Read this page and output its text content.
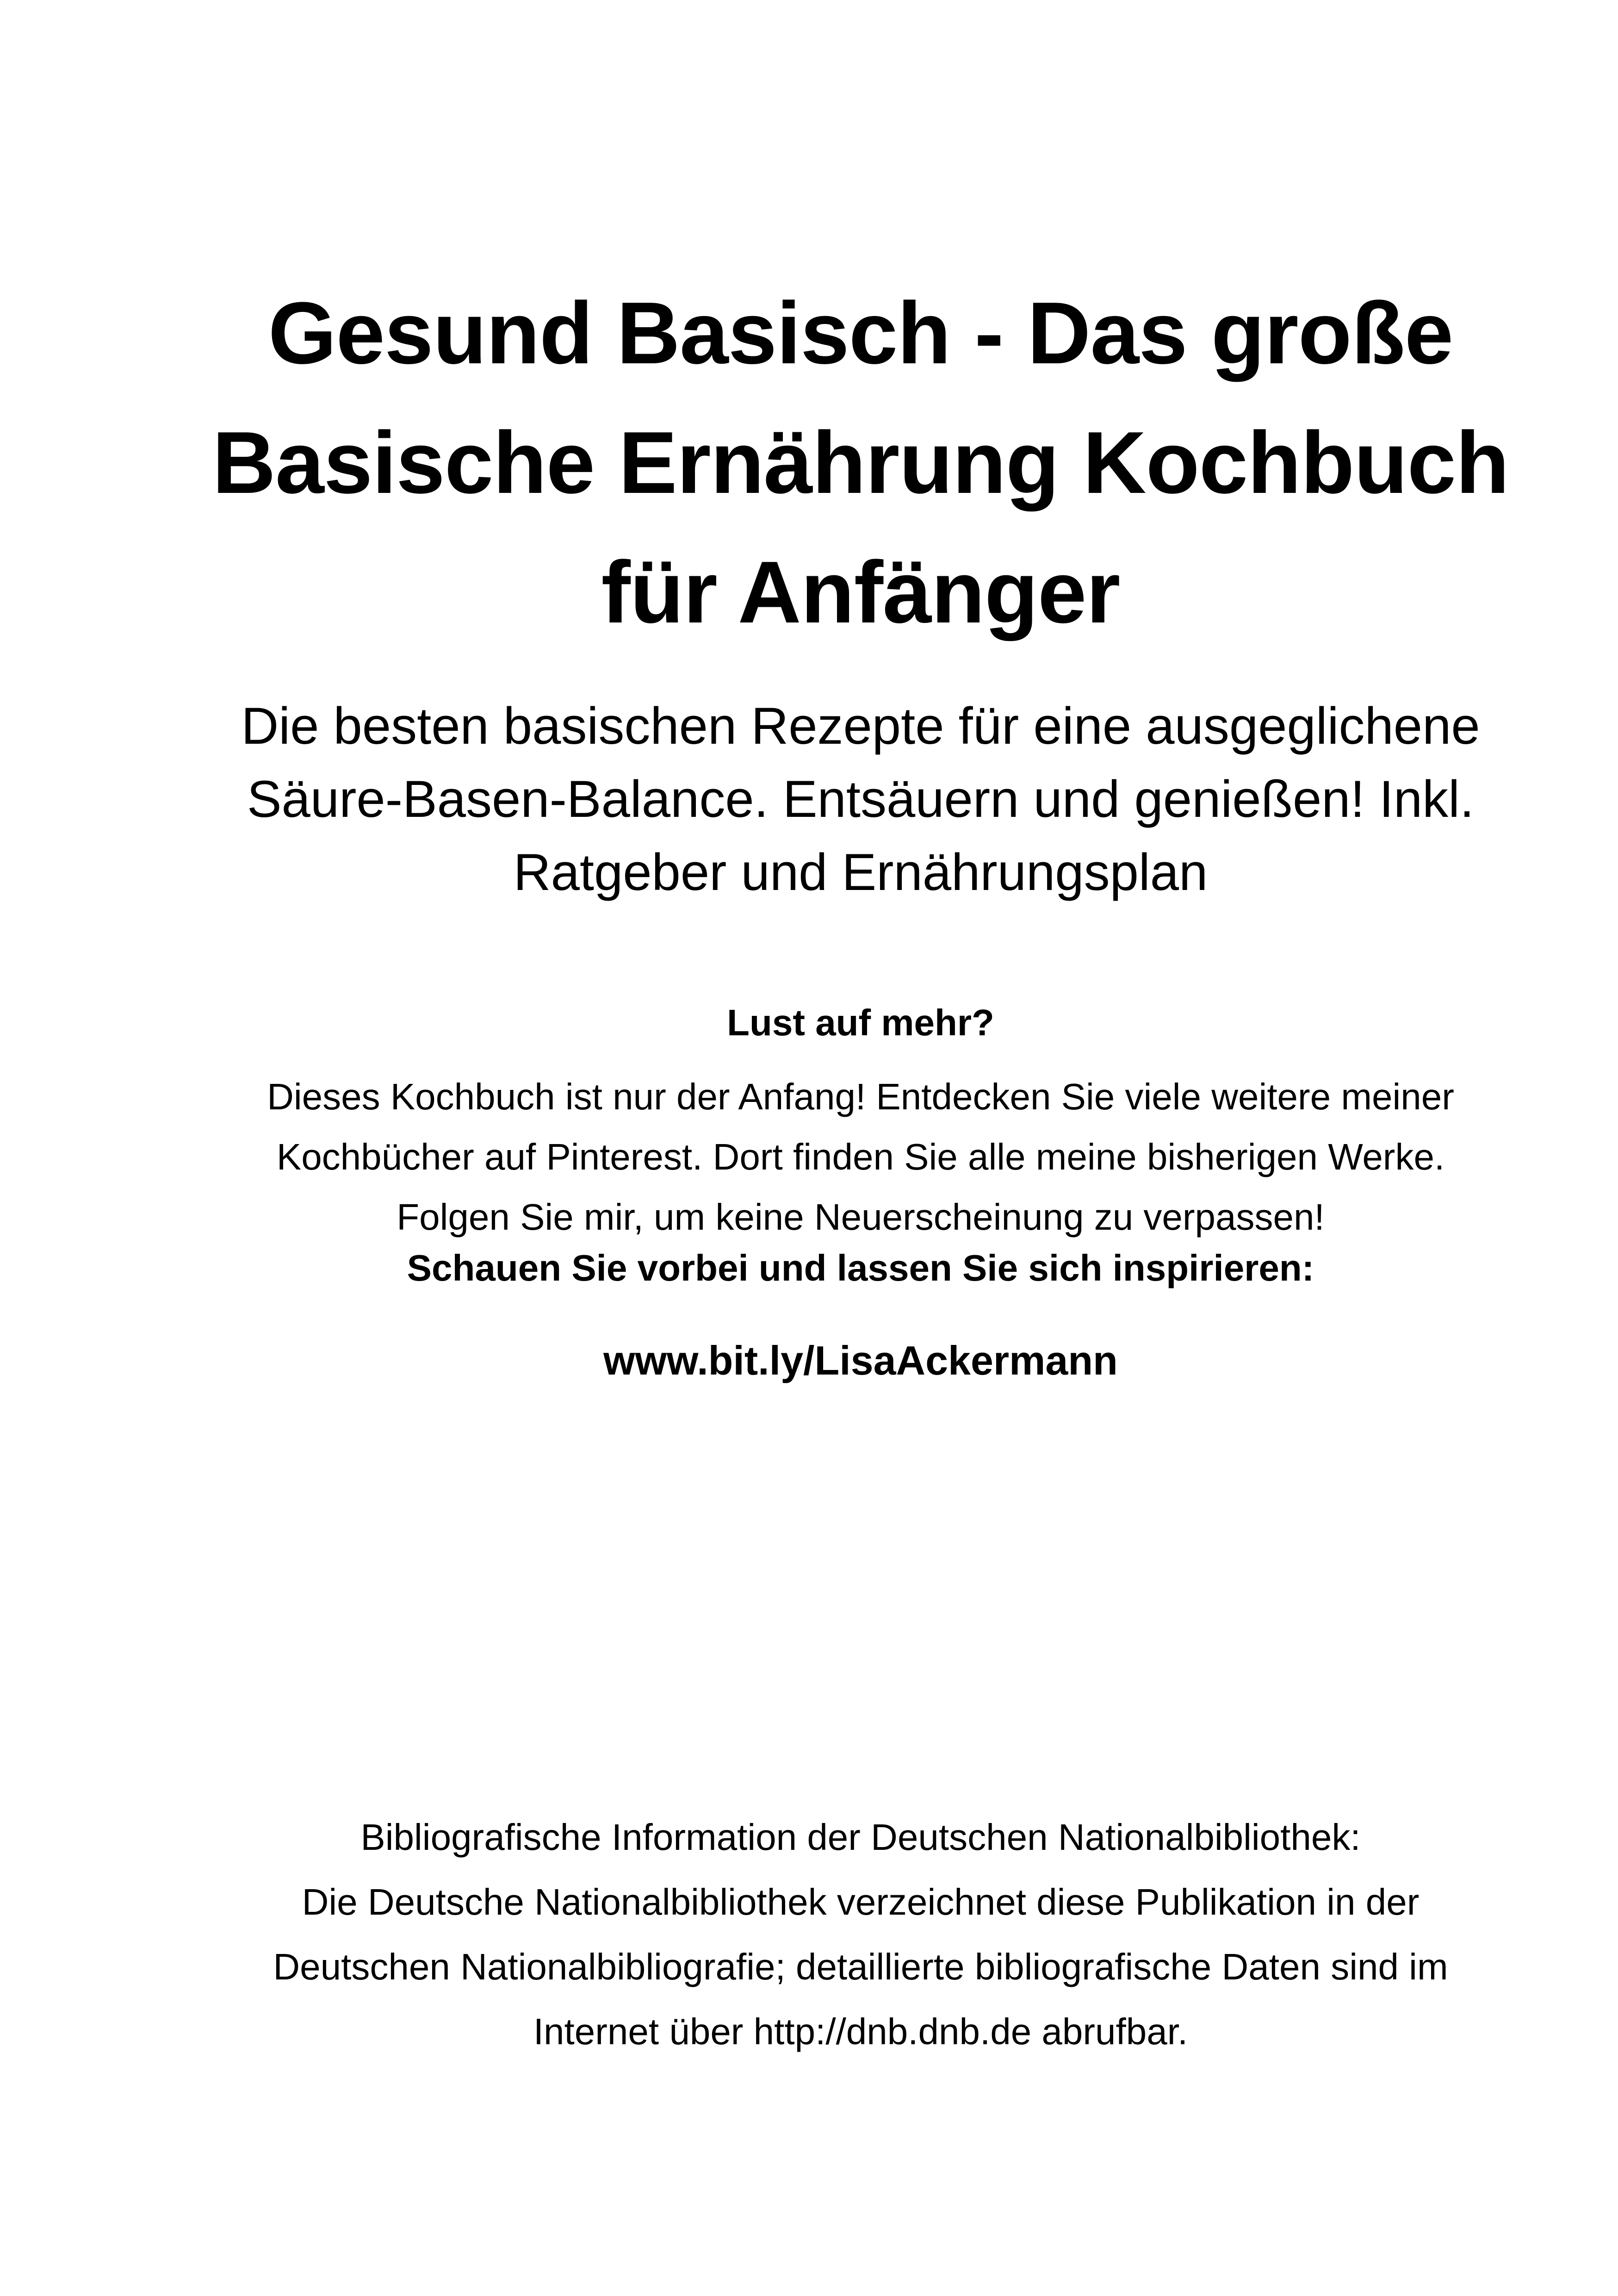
Gesund Basisch - Das große
Basische Ernährung Kochbuch
für Anfänger
Die besten basischen Rezepte für eine ausgeglichene
Säure-Basen-Balance. Entsäuern und genießen! Inkl.
Ratgeber und Ernährungsplan
Lust auf mehr?
Dieses Kochbuch ist nur der Anfang! Entdecken Sie viele weitere meiner
Kochbücher auf Pinterest. Dort finden Sie alle meine bisherigen Werke.
Folgen Sie mir, um keine Neuerscheinung zu verpassen!
Schauen Sie vorbei und lassen Sie sich inspirieren:
www.bit.ly/LisaAckermann
Bibliografische Information der Deutschen Nationalbibliothek:
Die Deutsche Nationalbibliothek verzeichnet diese Publikation in der
Deutschen Nationalbibliografie; detaillierte bibliografische Daten sind im
Internet über http://dnb.dnb.de abrufbar.
